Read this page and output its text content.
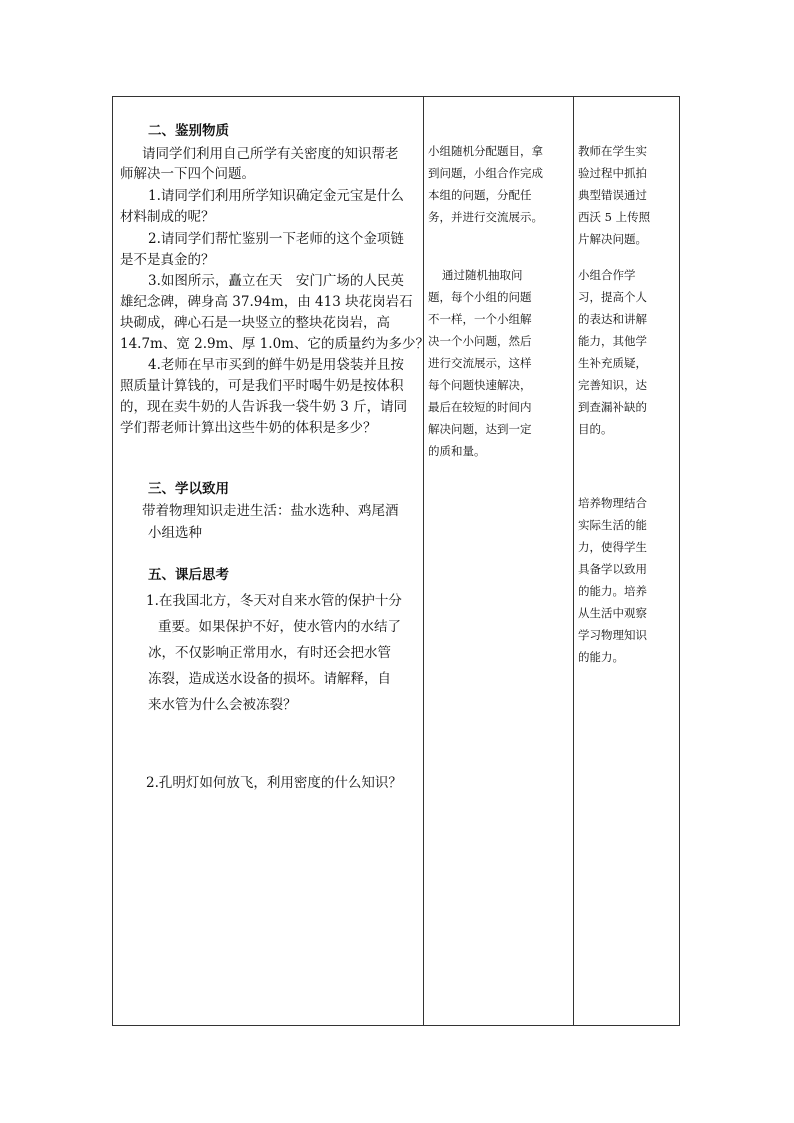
二、鉴别物质
请同学们利用自己所学有关密度的知识帮老
师解决一下四个问题。
1.请同学们利用所学知识确定金元宝是什么
材料制成的呢？
2.请同学们帮忙鉴别一下老师的这个金项链
是不是真金的？
3.如图所示，矗立在天　安门广场的人民英
雄纪念碑，碑身高 37.94m，由 413 块花岗岩石
块砌成，碑心石是一块竖立的整块花岗岩，高
14.7m、宽 2.9m、厚 1.0m、它的质量约为多少？
4.老师在早市买到的鲜牛奶是用袋装并且按
照质量计算钱的，可是我们平时喝牛奶是按体积
的，现在卖牛奶的人告诉我一袋牛奶 3 斤，请同
学们帮老师计算出这些牛奶的体积是多少？
三、学以致用
带着物理知识走进生活：盐水选种、鸡尾酒
小组选种
五、课后思考
1.在我国北方，冬天对自来水管的保护十分
重要。如果保护不好，使水管内的水结了
冰，不仅影响正常用水，有时还会把水管
冻裂，造成送水设备的损坏。请解释，自
来水管为什么会被冻裂？
2.孔明灯如何放飞，利用密度的什么知识？
小组随机分配题目，拿
到问题，小组合作完成
本组的问题，分配任
务，并进行交流展示。
通过随机抽取问
题，每个小组的问题
不一样，一个小组解
决一个小问题，然后
进行交流展示，这样
每个问题快速解决，
最后在较短的时间内
解决问题，达到一定
的质和量。
教师在学生实
验过程中抓拍
典型错误通过
西沃 5 上传照
片解决问题。
小组合作学
习，提高个人
的表达和讲解
能力，其他学
生补充质疑，
完善知识，达
到查漏补缺的
目的。
培养物理结合
实际生活的能
力，使得学生
具备学以致用
的能力。培养
从生活中观察
学习物理知识
的能力。
